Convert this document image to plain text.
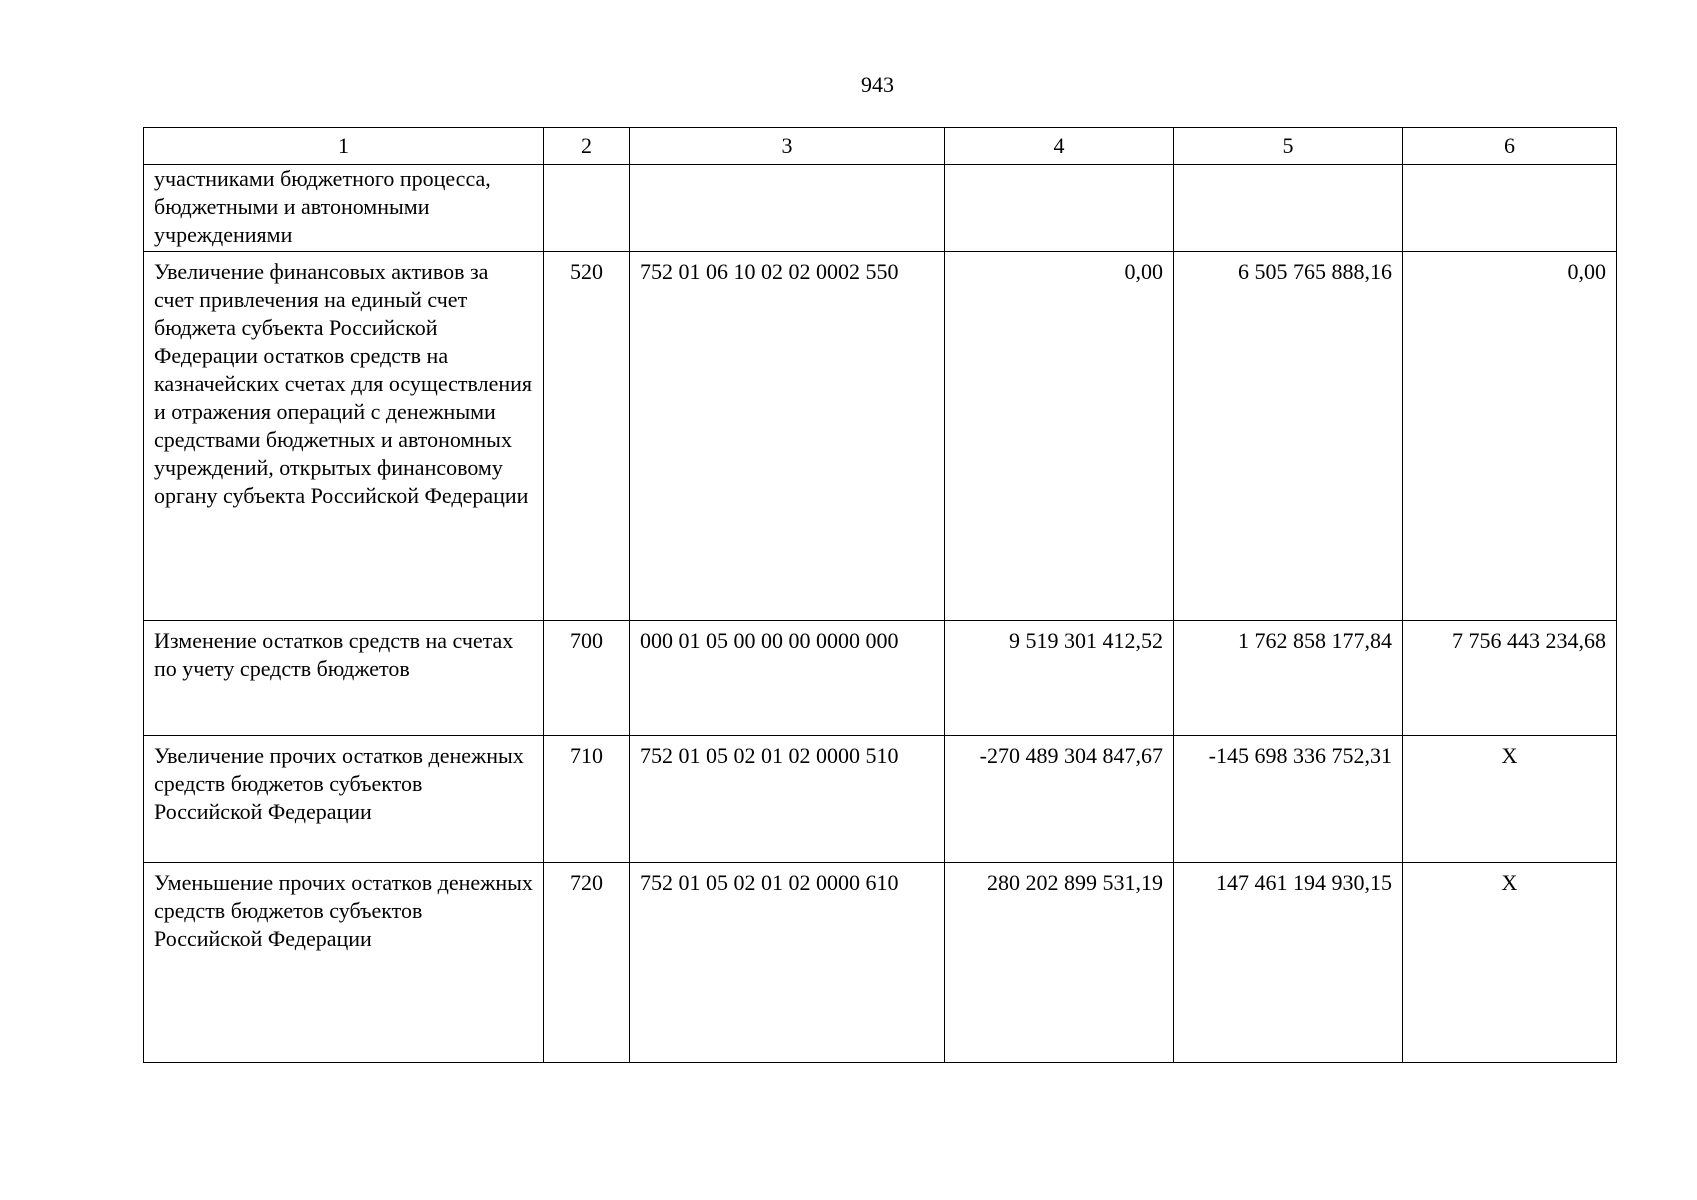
943
1	2	3	4	5	6
участниками бюджетного процесса, бюджетными и автономными учреждениями					
Увеличение финансовых активов за счет привлечения на единый счет бюджета субъекта Российской Федерации остатков средств на казначейских счетах для осуществления и отражения операций с денежными средствами бюджетных и автономных учреждений, открытых финансовому органу субъекта Российской Федерации	520	752 01 06 10 02 02 0002 550	0,00	6 505 765 888,16	0,00
Изменение остатков средств на счетах по учету средств бюджетов	700	000 01 05 00 00 00 0000 000	9 519 301 412,52	1 762 858 177,84	7 756 443 234,68
Увеличение прочих остатков денежных средств бюджетов субъектов Российской Федерации	710	752 01 05 02 01 02 0000 510	-270 489 304 847,67	-145 698 336 752,31	X
Уменьшение прочих остатков денежных средств бюджетов субъектов Российской Федерации	720	752 01 05 02 01 02 0000 610	280 202 899 531,19	147 461 194 930,15	X
